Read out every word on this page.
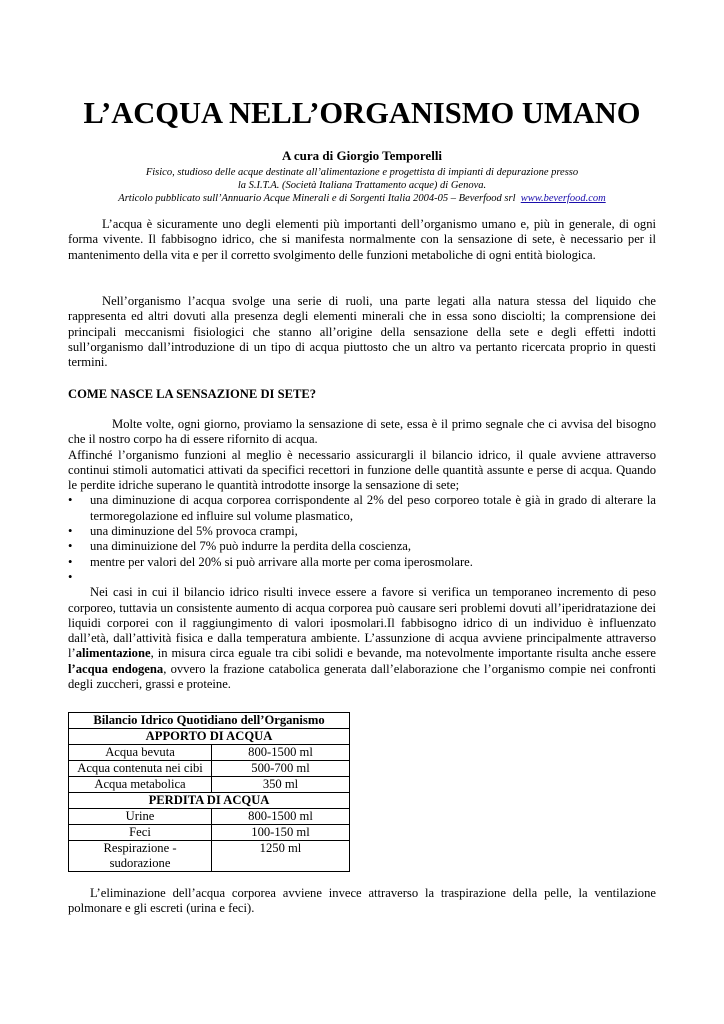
L’ACQUA NELL’ORGANISMO UMANO
A cura di Giorgio Temporelli
Fisico, studioso delle acque destinate all’alimentazione e progettista di impianti di depurazione presso
la S.I.T.A. (Società Italiana Trattamento acque) di Genova.
Articolo pubblicato sull’Annuario Acque Minerali e di Sorgenti Italia 2004-05 – Beverfood srl www.beverfood.com

L’acqua è sicuramente uno degli elementi più importanti dell’organismo umano e, più in generale, di ogni forma vivente. Il fabbisogno idrico, che si manifesta normalmente con la sensazione di sete, è necessario per il mantenimento della vita e per il corretto svolgimento delle funzioni metaboliche di ogni entità biologica.

Nell’organismo l’acqua svolge una serie di ruoli, una parte legati alla natura stessa del liquido che rappresenta ed altri dovuti alla presenza degli elementi minerali che in essa sono disciolti; la comprensione dei principali meccanismi fisiologici che stanno all’origine della sensazione della sete e degli effetti indotti sull’organismo dall’introduzione di un tipo di acqua piuttosto che un altro va pertanto ricercata proprio in questi termini.

COME NASCE LA SENSAZIONE DI SETE?

Molte volte, ogni giorno, proviamo la sensazione di sete, essa è il primo segnale che ci avvisa del bisogno che il nostro corpo ha di essere rifornito di acqua.

Affinché l’organismo funzioni al meglio è necessario assicurargli il bilancio idrico, il quale avviene attraverso continui stimoli automatici attivati da specifici recettori in funzione delle quantità assunte e perse di acqua. Quando le perdite idriche superano le quantità introdotte insorge la sensazione di sete;

• una diminuzione di acqua corporea corrispondente al 2% del peso corporeo totale è già in grado di alterare la termoregolazione ed influire sul volume plasmatico,
• una diminuzione del 5% provoca crampi,
• una diminuizione del 7% può indurre la perdita della coscienza,
• mentre per valori del 20% si può arrivare alla morte per coma iperosmolare.
•

Nei casi in cui il bilancio idrico risulti invece essere a favore si verifica un temporaneo incremento di peso corporeo, tuttavia un consistente aumento di acqua corporea può causare seri problemi dovuti all’iperidratazione dei liquidi corporei con il raggiungimento di valori iposmolari.Il fabbisogno idrico di un individuo è influenzato dall’età, dall’attività fisica e dalla temperatura ambiente. L’assunzione di acqua avviene principalmente attraverso l’alimentazione, in misura circa eguale tra cibi solidi e bevande, ma notevolmente importante risulta anche essere l’acqua endogena, ovvero la frazione catabolica generata dall’elaborazione che l’organismo compie nei confronti degli zuccheri, grassi e proteine.

Bilancio Idrico Quotidiano dell’Organismo	
APPORTO DI ACQUA	
Acqua bevuta	800-1500 ml
Acqua contenuta nei cibi	500-700 ml
Acqua metabolica	350 ml
PERDITA DI ACQUA	
Urine	800-1500 ml
Feci	100-150 ml
Respirazione - sudorazione	1250 ml

L’eliminazione dell’acqua corporea avviene invece attraverso la traspirazione della pelle, la ventilazione polmonare e gli escreti (urina e feci).
